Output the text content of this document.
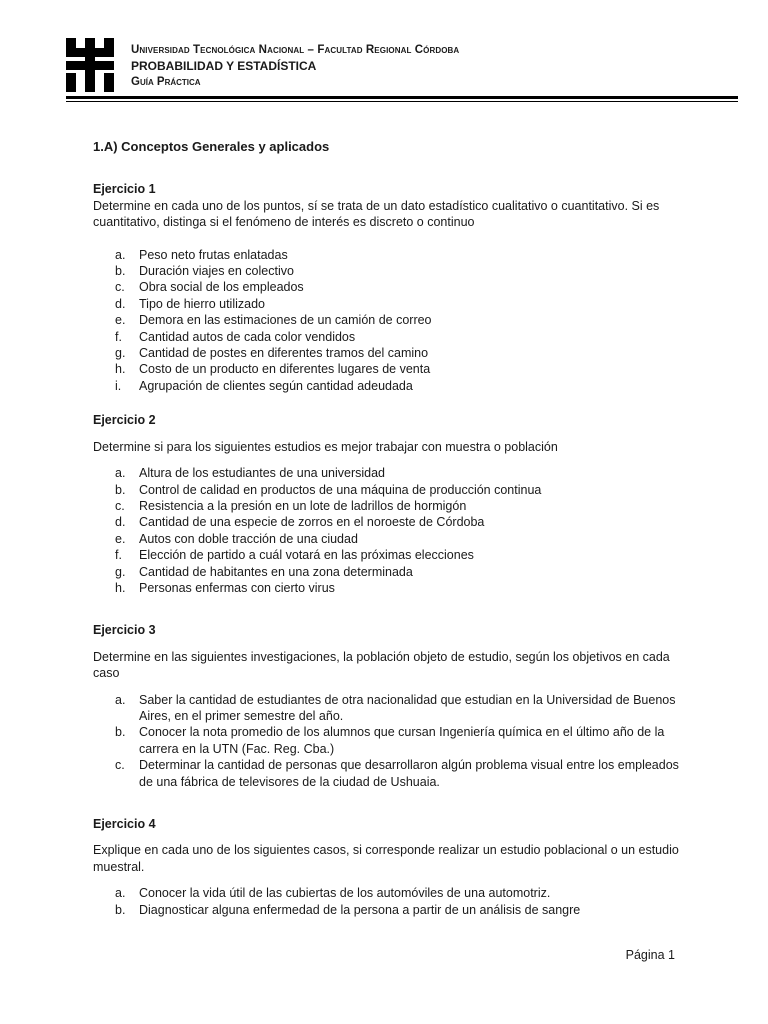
Universidad Tecnológica Nacional – Facultad Regional Córdoba
PROBABILIDAD Y ESTADÍSTICA
Guía Práctica

1.A) Conceptos Generales y aplicados

Ejercicio 1

Determine en cada uno de los puntos, sí se trata de un dato estadístico cualitativo o cuantitativo. Si es cuantitativo, distinga si el fenómeno de interés es discreto o continuo

a. Peso neto frutas enlatadas
b. Duración viajes en colectivo
c. Obra social de los empleados
d. Tipo de hierro utilizado
e. Demora en las estimaciones de un camión de correo
f. Cantidad autos de cada color vendidos
g. Cantidad de postes en diferentes tramos del camino
h. Costo de un producto en diferentes lugares de venta
i. Agrupación de clientes según cantidad adeudada

Ejercicio 2

Determine si para los siguientes estudios es mejor trabajar con muestra o población

a. Altura de los estudiantes de una universidad
b. Control de calidad en productos de una máquina de producción continua
c. Resistencia a la presión en un lote de ladrillos de hormigón
d. Cantidad de una especie de zorros en el noroeste de Córdoba
e. Autos con doble tracción de una ciudad
f. Elección de partido a cuál votará en las próximas elecciones
g. Cantidad de habitantes en una zona determinada
h. Personas enfermas con cierto virus

Ejercicio 3

Determine en las siguientes investigaciones, la población objeto de estudio, según los objetivos en cada caso

a. Saber la cantidad de estudiantes de otra nacionalidad que estudian en la Universidad de Buenos Aires, en el primer semestre del año.
b. Conocer la nota promedio de los alumnos que cursan Ingeniería química en el último año de la carrera en la UTN (Fac. Reg. Cba.)
c. Determinar la cantidad de personas que desarrollaron algún problema visual entre los empleados de una fábrica de televisores de la ciudad de Ushuaia.

Ejercicio 4

Explique en cada uno de los siguientes casos, si corresponde realizar un estudio poblacional o un estudio muestral.

a. Conocer la vida útil de las cubiertas de los automóviles de una automotriz.
b. Diagnosticar alguna enfermedad de la persona a partir de un análisis de sangre
Página 1
